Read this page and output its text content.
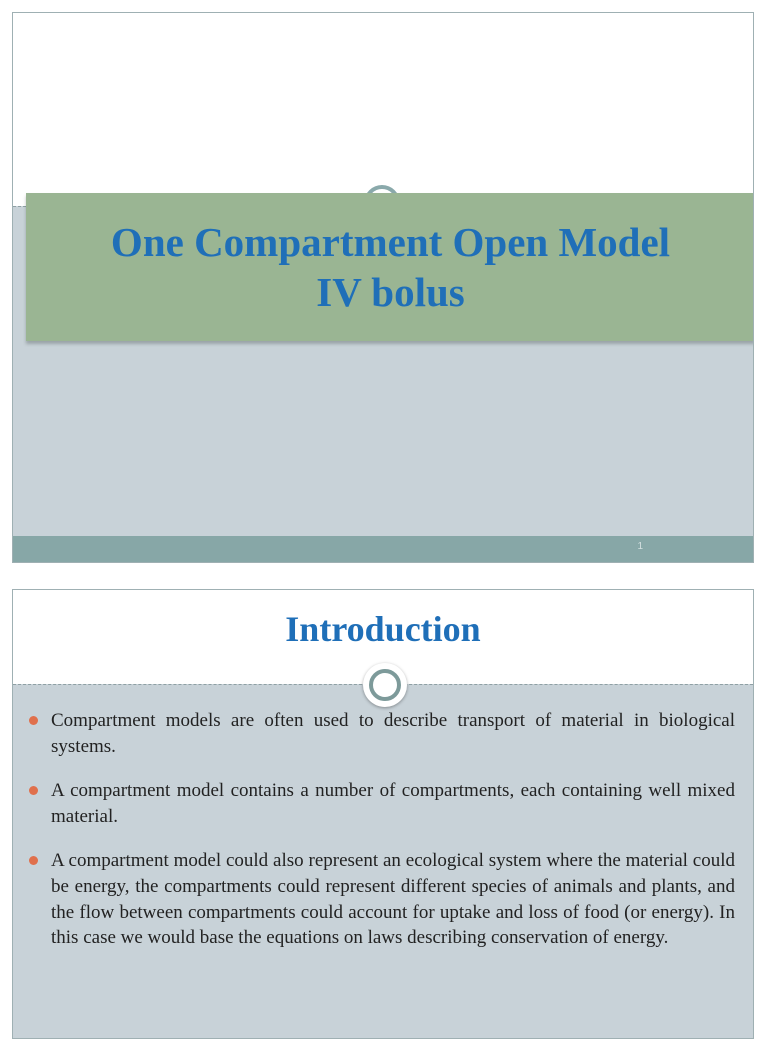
One Compartment Open Model
IV bolus
1
Introduction
Compartment models are often used to describe transport of material in biological systems.
A compartment model contains a number of compartments, each containing well mixed material.
A compartment model could also represent an ecological system where the material could be energy, the compartments could represent different species of animals and plants, and the flow between compartments could account for uptake and loss of food (or energy). In this case we would base the equations on laws describing conservation of energy.
